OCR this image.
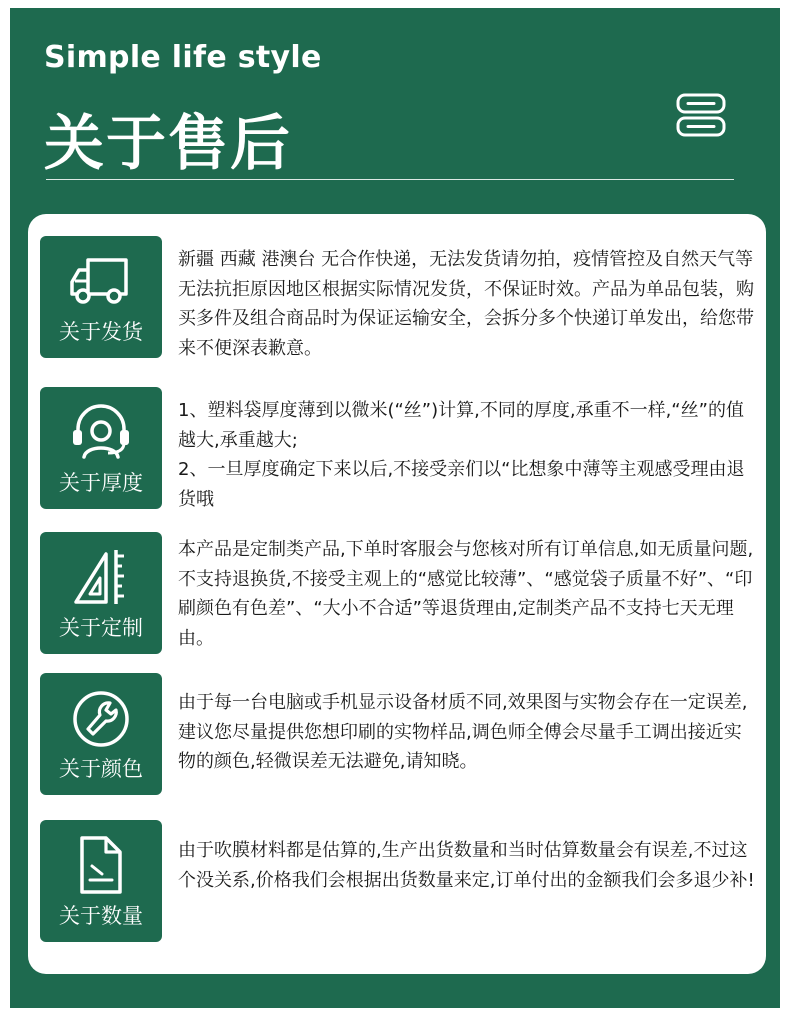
Simple life style
关于售后
关于发货
新疆 西藏 港澳台 无合作快递，无法发货请勿拍，疫情管控及自然天气等无法抗拒原因地区根据实际情况发货，不保证时效。产品为单品包装，购买多件及组合商品时为保证运输安全，会拆分多个快递订单发出，给您带来不便深表歉意。
关于厚度
1、塑料袋厚度薄到以微米(“丝”)计算,不同的厚度,承重不一样,“丝”的值越大,承重越大;
2、一旦厚度确定下来以后,不接受亲们以“比想象中薄等主观感受理由退货哦
关于定制
本产品是定制类产品,下单时客服会与您核对所有订单信息,如无质量问题,不支持退换货,不接受主观上的“感觉比较薄”、“感觉袋子质量不好”、“印刷颜色有色差”、“大小不合适”等退货理由,定制类产品不支持七天无理由。
关于颜色
由于每一台电脑或手机显示设备材质不同,效果图与实物会存在一定误差,建议您尽量提供您想印刷的实物样品,调色师全傅会尽量手工调出接近实物的颜色,轻微误差无法避免,请知晓。
关于数量
由于吹膜材料都是估算的,生产出货数量和当时估算数量会有误差,不过这个没关系,价格我们会根据出货数量来定,订单付出的金额我们会多退少补!
